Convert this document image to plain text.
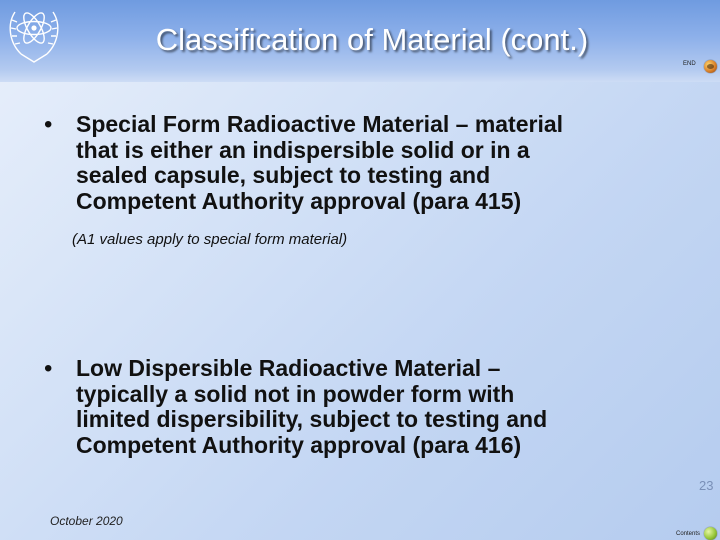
Classification of Material (cont.)
END
• Special Form Radioactive Material – material
that is either an indispersible solid or in a
sealed capsule, subject to testing and
Competent Authority approval (para 415)
(A1 values apply to special form material)
• Low Dispersible Radioactive Material –
typically a solid not in powder form with
limited dispersibility, subject to testing and
Competent Authority approval (para 416)
October 2020
23
Contents
